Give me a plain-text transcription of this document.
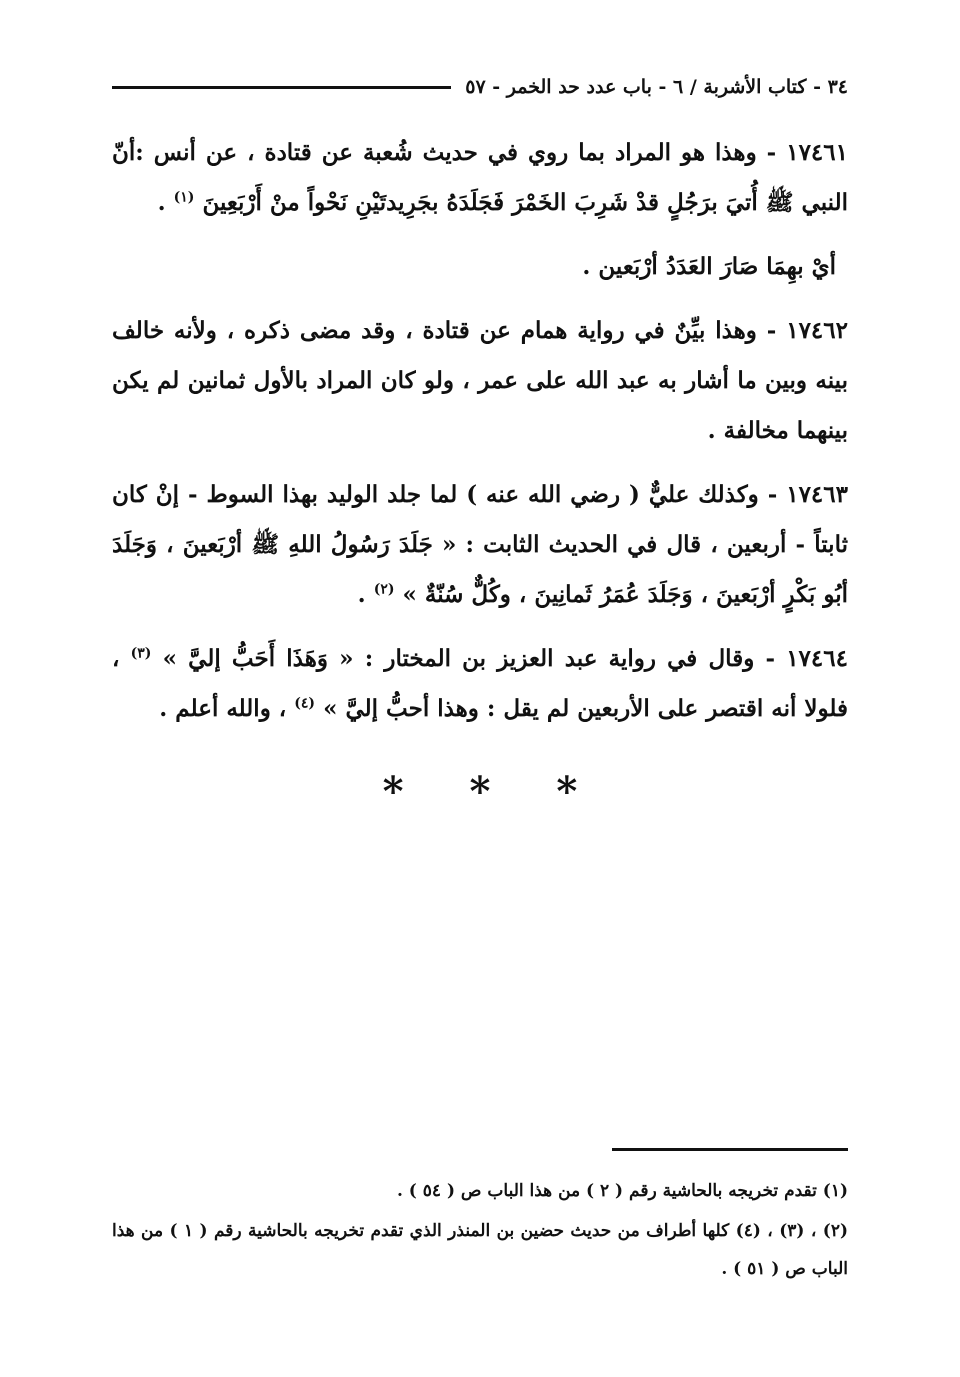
٣٤ - كتاب الأشربة / ٦ - باب عدد حد الخمر - ٥٧

١٧٤٦١ - وهذا هو المراد بما روي في حديث شُعبة عن قتادة ، عن أنس :أنّ النبي ﷺ أُتيَ برَجُلٍ قدْ شَرِبَ الخَمْرَ فَجَلَدَهُ بجَرِيدتَيْنِ نَحْواً منْ أَرْبَعِينَ $^{(١)}$ .

أيْ بهِمَا صَارَ العَدَدُ أرْبَعين .

١٧٤٦٢ - وهذا بيِّنٌ في رواية همام عن قتادة ، وقد مضى ذكره ، ولأنه خالف بينه وبين ما أشار به عبد الله على عمر ، ولو كان المراد بالأول ثمانين لم يكن بينهما مخالفة .

١٧٤٦٣ - وكذلك عليٌّ ( رضي الله عنه ) لما جلد الوليد بهذا السوط - إنْ كان ثابتاً - أربعين ، قال في الحديث الثابت : « جَلَدَ رَسُولُ اللهِ ﷺ أرْبَعينَ ، وَجَلَدَ أبُو بَكْرٍ أرْبَعينَ ، وَجَلَدَ عُمَرُ ثَمانِينَ ، وكُلٌّ سُنّةٌ » $^{(٢)}$ .

١٧٤٦٤ - وقال في رواية عبد العزيز بن المختار : « وَهَذَا أَحَبُّ إليَّ » $^{(٣)}$ ، فلولا أنه اقتصر على الأربعين لم يقل : وهذا أحبُّ إليَّ » $^{(٤)}$ ، والله أعلم .

* * *

(١) تقدم تخريجه بالحاشية رقم ( ٢ ) من هذا الباب ص ( ٥٤ ) .

(٢) ، (٣) ، (٤) كلها أطراف من حديث حضين بن المنذر الذي تقدم تخريجه بالحاشية رقم ( ١ ) من هذا الباب ص ( ٥١ ) .
